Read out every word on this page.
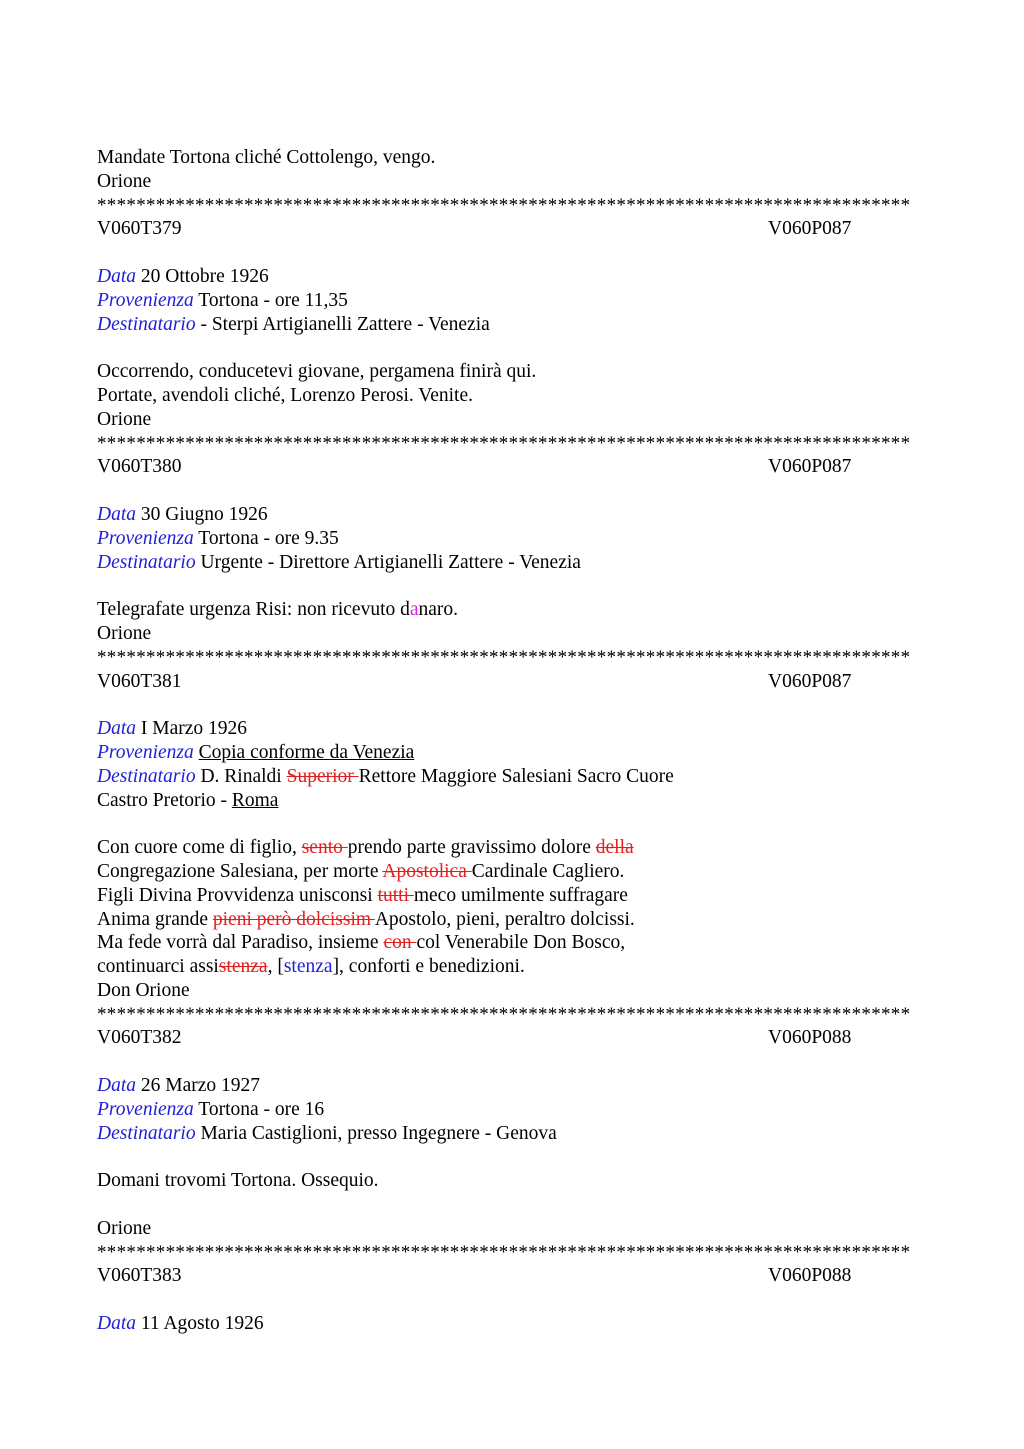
Mandate Tortona cliché Cottolengo, vengo.
Orione
***********************************************************************************
V060T379	V060P087
Data 20 Ottobre 1926
Provenienza Tortona - ore 11,35
Destinatario - Sterpi Artigianelli Zattere - Venezia
Occorrendo, conducetevi giovane, pergamena finirà qui.
Portate, avendoli cliché, Lorenzo Perosi. Venite.
Orione
***********************************************************************************
V060T380	V060P087
Data 30 Giugno 1926
Provenienza Tortona - ore 9.35
Destinatario Urgente - Direttore Artigianelli Zattere - Venezia
Telegrafate urgenza Risi: non ricevuto danaro.
Orione
***********************************************************************************
V060T381	V060P087
Data I Marzo 1926
Provenienza Copia conforme da Venezia
Destinatario D. Rinaldi Superior Rettore Maggiore Salesiani Sacro Cuore
Castro Pretorio - Roma
Con cuore come di figlio, sento prendo parte gravissimo dolore della
Congregazione Salesiana, per morte Apostolica Cardinale Cagliero.
Figli Divina Provvidenza unisconsi tutti meco umilmente suffragare
Anima grande pieni però dolcissim Apostolo, pieni, peraltro dolcissi.
Ma fede vorrà dal Paradiso, insieme con col Venerabile Don Bosco,
continuarci assistenza, [stenza], conforti e benedizioni.
Don Orione
***********************************************************************************
V060T382	V060P088
Data 26 Marzo 1927
Provenienza Tortona - ore 16
Destinatario Maria Castiglioni, presso Ingegnere - Genova
Domani trovomi Tortona. Ossequio.
Orione
***********************************************************************************
V060T383	V060P088
Data 11 Agosto 1926
